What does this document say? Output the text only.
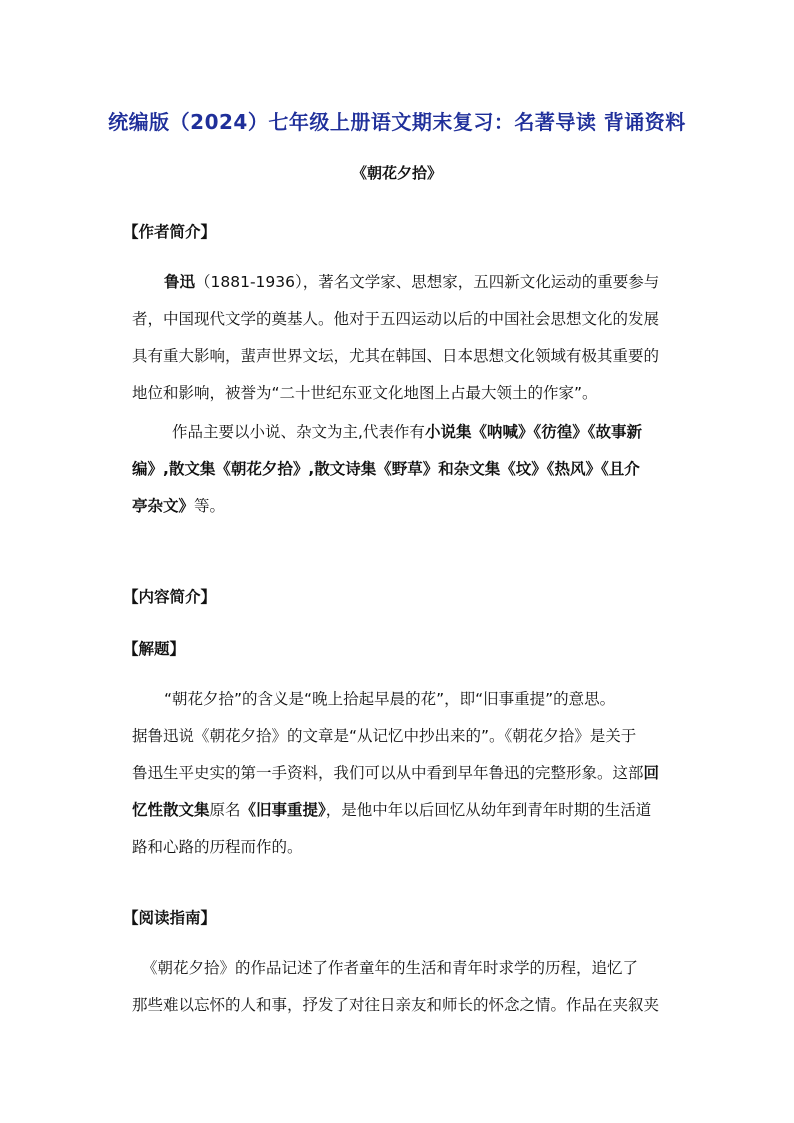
统编版（2024）七年级上册语文期末复习：名著导读 背诵资料
《朝花夕拾》
【作者简介】
鲁迅（1881-1936），著名文学家、思想家，五四新文化运动的重要参与
者，中国现代文学的奠基人。他对于五四运动以后的中国社会思想文化的发展
具有重大影响，蜚声世界文坛，尤其在韩国、日本思想文化领域有极其重要的
地位和影响，被誉为“二十世纪东亚文化地图上占最大领土的作家”。
作品主要以小说、杂文为主,代表作有小说集《呐喊》《彷徨》《故事新
编》,散文集《朝花夕拾》,散文诗集《野草》和杂文集《坟》《热风》《且介
亭杂文》等。
【内容简介】
【解题】
“朝花夕拾”的含义是“晚上拾起早晨的花”，即“旧事重提”的意思。
据鲁迅说《朝花夕拾》的文章是“从记忆中抄出来的”。《朝花夕拾》是关于
鲁迅生平史实的第一手资料，我们可以从中看到早年鲁迅的完整形象。这部回
忆性散文集原名《旧事重提》，是他中年以后回忆从幼年到青年时期的生活道
路和心路的历程而作的。
【阅读指南】
《朝花夕拾》的作品记述了作者童年的生活和青年时求学的历程，追忆了
那些难以忘怀的人和事，抒发了对往日亲友和师长的怀念之情。作品在夹叙夹
